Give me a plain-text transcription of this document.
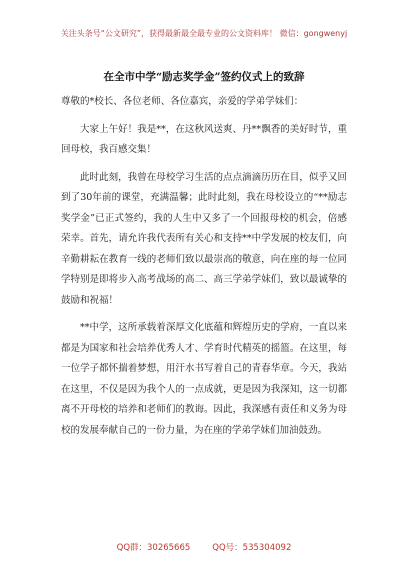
关注头条号“公文研究”，获得最新最全最专业的公文资料库！ 微信：gongwenyj
在全市中学“励志奖学金”签约仪式上的致辞

尊敬的*校长、各位老师、各位嘉宾，亲爱的学弟学妹们：

大家上午好！我是**，在这秋风送爽、丹**飘香的美好时节，重回母校，我百感交集！

此时此刻，我曾在母校学习生活的点点滴滴历历在目，似乎又回到了30年前的课堂，充满温馨；此时此刻，我在母校设立的“**励志奖学金”已正式签约，我的人生中又多了一个回报母校的机会，倍感荣幸。首先，请允许我代表所有关心和支持**中学发展的校友们，向辛勤耕耘在教育一线的老师们致以最崇高的敬意，向在座的每一位同学特别是即将步入高考战场的高二、高三学弟学妹们，致以最诚挚的鼓励和祝福！

**中学，这所承载着深厚文化底蕴和辉煌历史的学府，一直以来都是为国家和社会培养优秀人才、学育时代精英的摇篮。在这里，每一位学子都怀揣着梦想，用汗水书写着自己的青春华章。今天，我站在这里，不仅是因为我个人的一点成就，更是因为我深知，这一切都离不开母校的培养和老师们的教诲。因此，我深感有责任和义务为母校的发展奉献自己的一份力量，为在座的学弟学妹们加油鼓劲。

QQ群：30265665	QQ号：535304092
